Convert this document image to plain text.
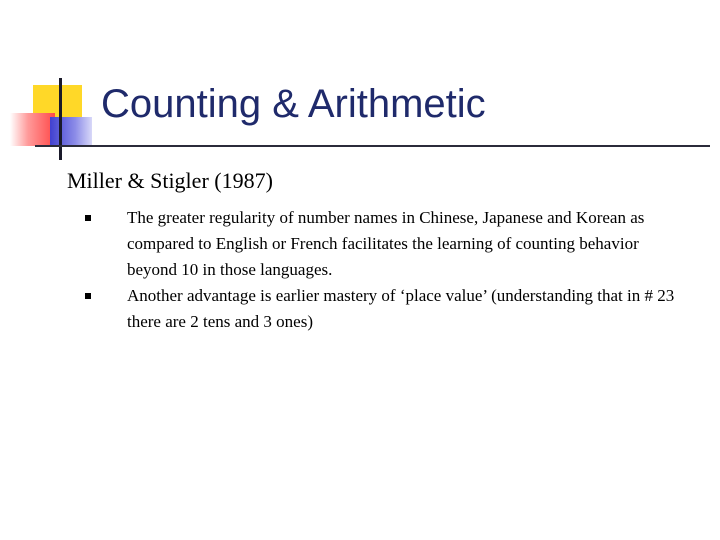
Counting & Arithmetic
Miller & Stigler (1987)
The greater regularity of number names in Chinese, Japanese and Korean as compared to English or French facilitates the learning of counting behavior beyond 10 in those languages.
Another advantage is earlier mastery of ‘place value’ (understanding that in # 23 there are 2 tens and 3 ones)
